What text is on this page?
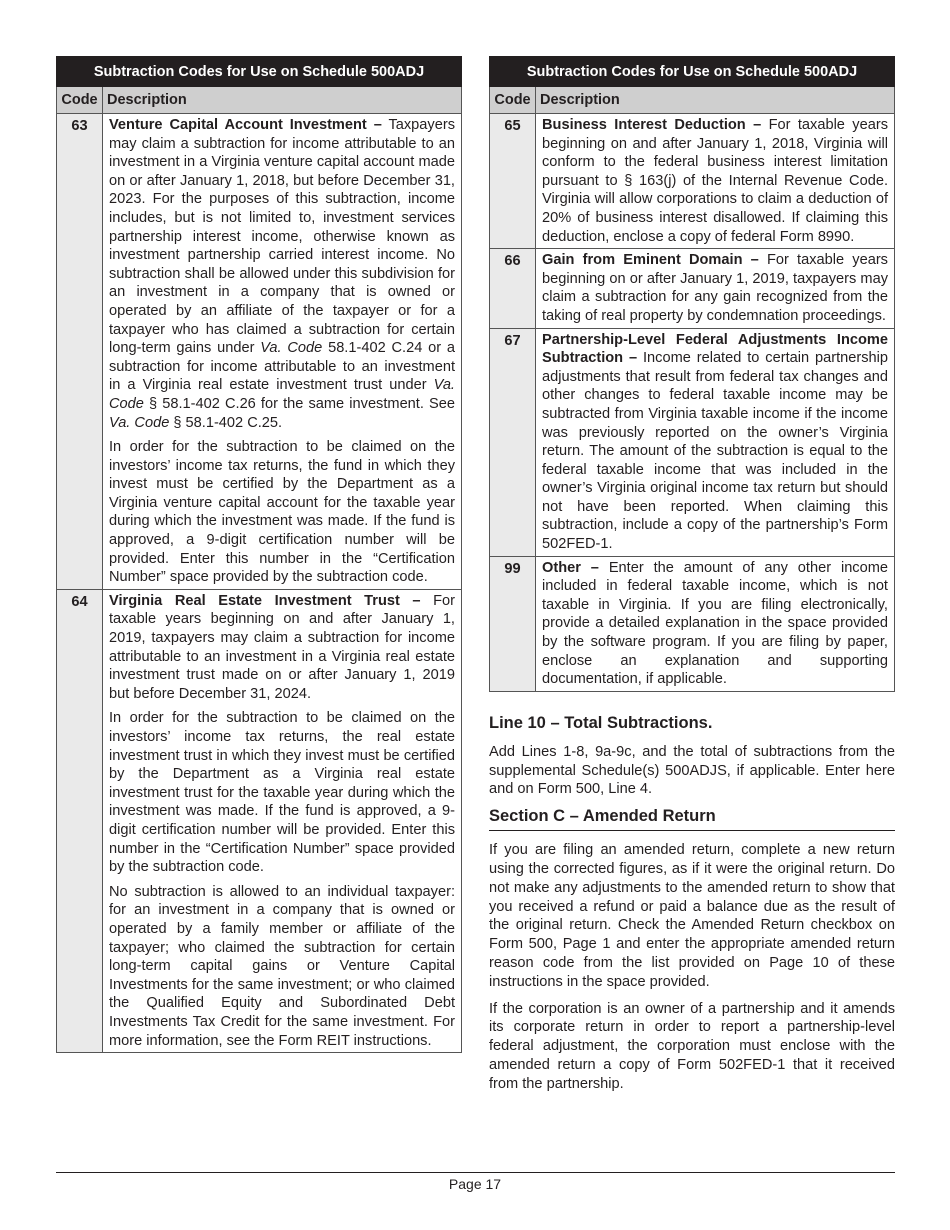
Subtraction Codes for Use on Schedule 500ADJ	
Code	Description
63	Venture Capital Account Investment – Taxpayers may claim a subtraction for income attributable to an investment in a Virginia venture capital account made on or after January 1, 2018, but before December 31, 2023. For the purposes of this subtraction, income includes, but is not limited to, investment services partnership interest income, otherwise known as investment partnership carried interest income. No subtraction shall be allowed under this subdivision for an investment in a company that is owned or operated by an affiliate of the taxpayer or for a taxpayer who has claimed a subtraction for certain long-term gains under Va. Code 58.1-402 C.24 or a subtraction for income attributable to an investment in a Virginia real estate investment trust under Va. Code § 58.1-402 C.26 for the same investment. See Va. Code § 58.1-402 C.25.

In order for the subtraction to be claimed on the investors’ income tax returns, the fund in which they invest must be certified by the Department as a Virginia venture capital account for the taxable year during which the investment was made. If the fund is approved, a 9-digit certification number will be provided. Enter this number in the “Certification Number” space provided by the subtraction code.

64	Virginia Real Estate Investment Trust – For taxable years beginning on and after January 1, 2019, taxpayers may claim a subtraction for income attributable to an investment in a Virginia real estate investment trust made on or after January 1, 2019 but before December 31, 2024.

In order for the subtraction to be claimed on the investors’ income tax returns, the real estate investment trust in which they invest must be certified by the Department as a Virginia real estate investment trust for the taxable year during which the investment was made. If the fund is approved, a 9-digit certification number will be provided. Enter this number in the “Certification Number” space provided by the subtraction code.

No subtraction is allowed to an individual taxpayer: for an investment in a company that is owned or operated by a family member or affiliate of the taxpayer; who claimed the subtraction for certain long-term capital gains or Venture Capital Investments for the same investment; or who claimed the Qualified Equity and Subordinated Debt Investments Tax Credit for the same investment. For more information, see the Form REIT instructions.

Subtraction Codes for Use on Schedule 500ADJ	
Code	Description
65	Business Interest Deduction – For taxable years beginning on and after January 1, 2018, Virginia will conform to the federal business interest limitation pursuant to § 163(j) of the Internal Revenue Code. Virginia will allow corporations to claim a deduction of 20% of business interest disallowed. If claiming this deduction, enclose a copy of federal Form 8990.

66	Gain from Eminent Domain – For taxable years beginning on or after January 1, 2019, taxpayers may claim a subtraction for any gain recognized from the taking of real property by condemnation proceedings.

67	Partnership-Level Federal Adjustments Income Subtraction – Income related to certain partnership adjustments that result from federal tax changes and other changes to federal taxable income may be subtracted from Virginia taxable income if the income was previously reported on the owner’s Virginia return. The amount of the subtraction is equal to the federal taxable income that was included in the owner’s Virginia original income tax return but should not have been reported. When claiming this subtraction, include a copy of the partnership’s Form 502FED-1.

99	Other – Enter the amount of any other income included in federal taxable income, which is not taxable in Virginia. If you are filing electronically, provide a detailed explanation in the space provided by the software program. If you are filing by paper, enclose an explanation and supporting documentation, if applicable.

Line 10 – Total Subtractions.

Add Lines 1-8, 9a-9c, and the total of subtractions from the supplemental Schedule(s) 500ADJS, if applicable. Enter here and on Form 500, Line 4.

Section C – Amended Return

If you are filing an amended return, complete a new return using the corrected figures, as if it were the original return. Do not make any adjustments to the amended return to show that you received a refund or paid a balance due as the result of the original return. Check the Amended Return checkbox on Form 500, Page 1 and enter the appropriate amended return reason code from the list provided on Page 10 of these instructions in the space provided.

If the corporation is an owner of a partnership and it amends its corporate return in order to report a partnership-level federal adjustment, the corporation must enclose with the amended return a copy of Form 502FED-1 that it received from the partnership.

Page 17
